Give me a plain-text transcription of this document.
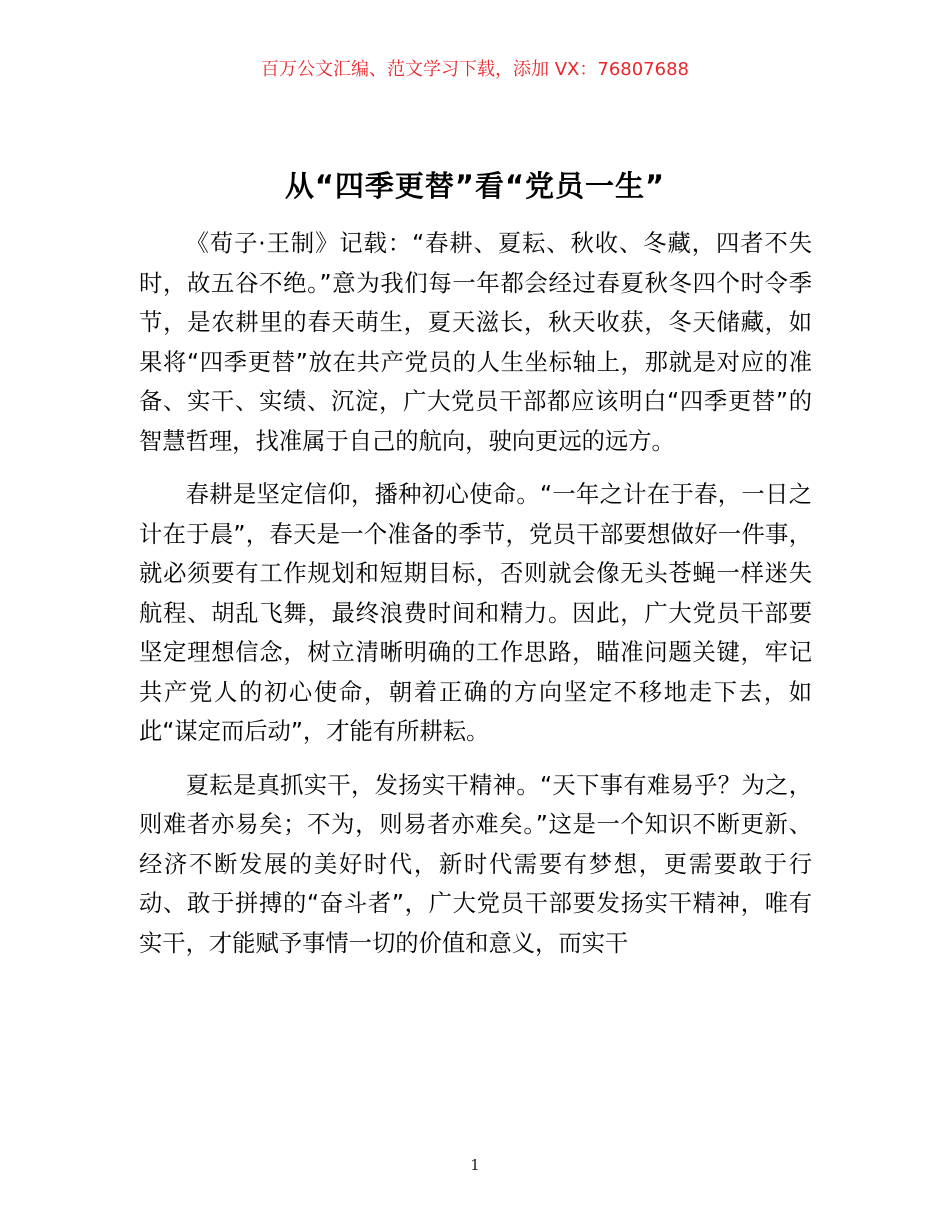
百万公文汇编、范文学习下载，添加 VX：76807688
从“四季更替”看“党员一生”

《荀子·王制》记载：“春耕、夏耘、秋收、冬藏，四者不失时，故五谷不绝。”意为我们每一年都会经过春夏秋冬四个时令季节，是农耕里的春天萌生，夏天滋长，秋天收获，冬天储藏，如果将“四季更替”放在共产党员的人生坐标轴上，那就是对应的准备、实干、实绩、沉淀，广大党员干部都应该明白“四季更替”的智慧哲理，找准属于自己的航向，驶向更远的远方。

春耕是坚定信仰，播种初心使命。“一年之计在于春，一日之计在于晨”，春天是一个准备的季节，党员干部要想做好一件事，就必须要有工作规划和短期目标，否则就会像无头苍蝇一样迷失航程、胡乱飞舞，最终浪费时间和精力。因此，广大党员干部要坚定理想信念，树立清晰明确的工作思路，瞄准问题关键，牢记共产党人的初心使命，朝着正确的方向坚定不移地走下去，如此“谋定而后动”，才能有所耕耘。

夏耘是真抓实干，发扬实干精神。“天下事有难易乎？为之，则难者亦易矣；不为，则易者亦难矣。”这是一个知识不断更新、经济不断发展的美好时代，新时代需要有梦想，更需要敢于行动、敢于拼搏的“奋斗者”，广大党员干部要发扬实干精神，唯有实干，才能赋予事情一切的价值和意义，而实干

1
